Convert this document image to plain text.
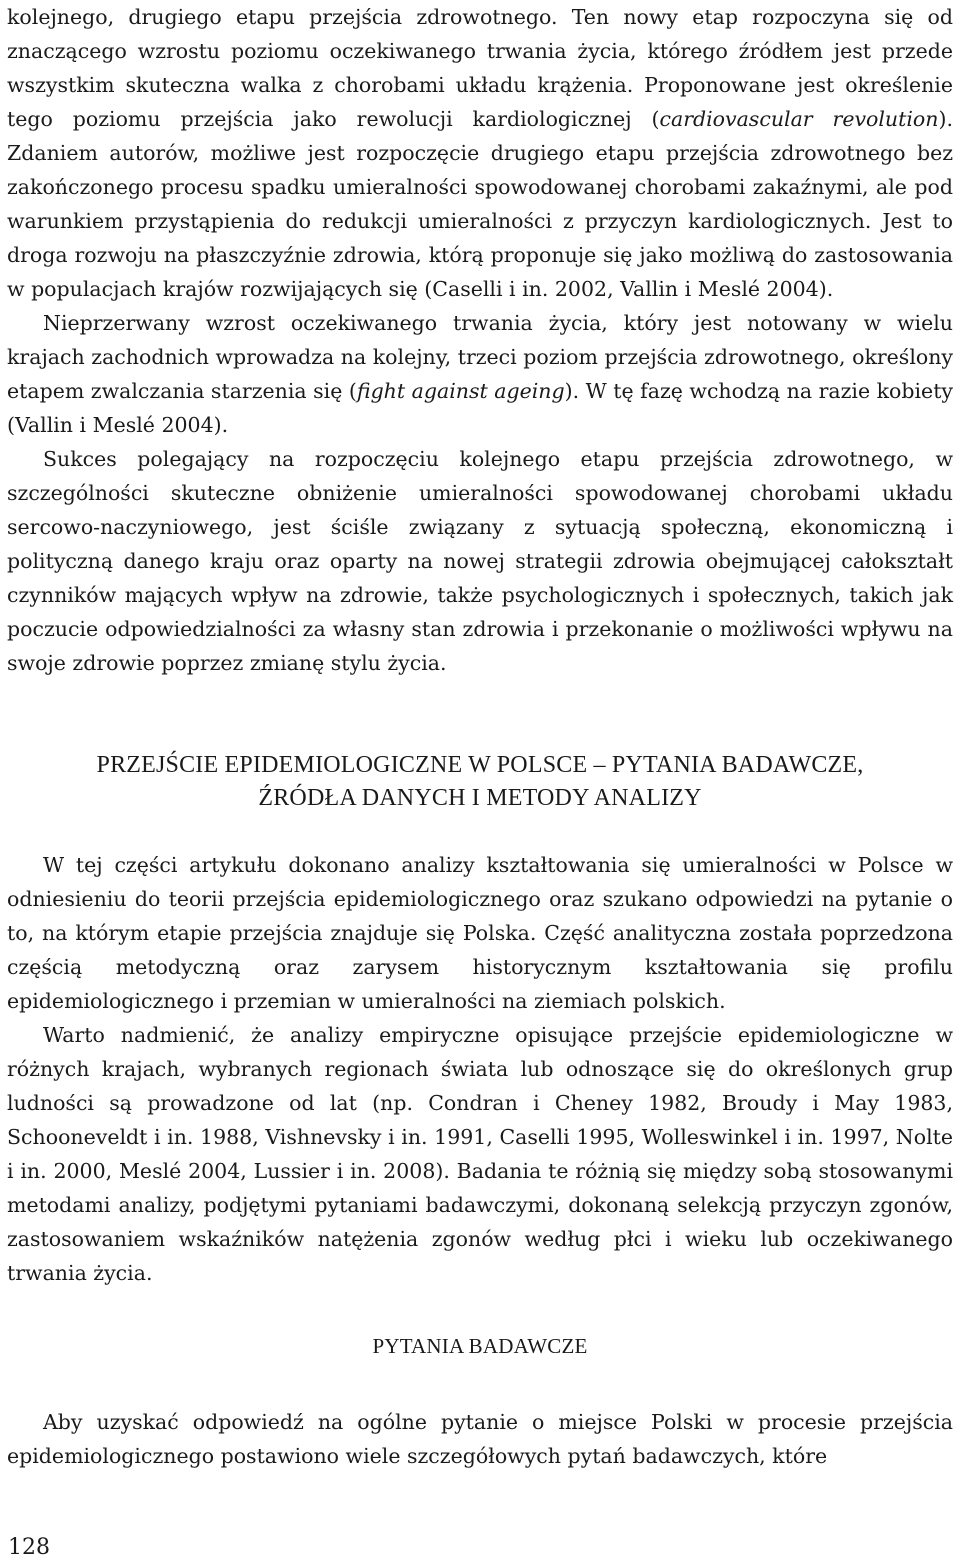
kolejnego, drugiego etapu przejścia zdrowotnego. Ten nowy etap rozpoczyna się od znaczącego wzrostu poziomu oczekiwanego trwania życia, którego źródłem jest przede wszystkim skuteczna walka z chorobami układu krążenia. Proponowane jest określenie tego poziomu przejścia jako rewolucji kardiologicznej (cardiovascular revolution). Zdaniem autorów, możliwe jest rozpoczęcie drugiego etapu przejścia zdrowotnego bez zakończonego procesu spadku umieralności spowodowanej chorobami zakaźnymi, ale pod warunkiem przystąpienia do redukcji umieralności z przyczyn kardiologicznych. Jest to droga rozwoju na płaszczyźnie zdrowia, którą proponuje się jako możliwą do zastosowania w populacjach krajów rozwijających się (Caselli i in. 2002, Vallin i Meslé 2004).

Nieprzerwany wzrost oczekiwanego trwania życia, który jest notowany w wielu krajach zachodnich wprowadza na kolejny, trzeci poziom przejścia zdrowotnego, określony etapem zwalczania starzenia się (fight against ageing). W tę fazę wchodzą na razie kobiety (Vallin i Meslé 2004).

Sukces polegający na rozpoczęciu kolejnego etapu przejścia zdrowotnego, w szczególności skuteczne obniżenie umieralności spowodowanej chorobami układu sercowo-naczyniowego, jest ściśle związany z sytuacją społeczną, ekonomiczną i polityczną danego kraju oraz oparty na nowej strategii zdrowia obejmującej całokształt czynników mających wpływ na zdrowie, także psychologicznych i społecznych, takich jak poczucie odpowiedzialności za własny stan zdrowia i przekonanie o możliwości wpływu na swoje zdrowie poprzez zmianę stylu życia.

PRZEJŚCIE EPIDEMIOLOGICZNE W POLSCE – PYTANIA BADAWCZE,
ŹRÓDŁA DANYCH I METODY ANALIZY

W tej części artykułu dokonano analizy kształtowania się umieralności w Polsce w odniesieniu do teorii przejścia epidemiologicznego oraz szukano odpowiedzi na pytanie o to, na którym etapie przejścia znajduje się Polska. Część analityczna została poprzedzona częścią metodyczną oraz zarysem historycznym kształtowania się profilu epidemiologicznego i przemian w umieralności na ziemiach polskich.

Warto nadmienić, że analizy empiryczne opisujące przejście epidemiologiczne w różnych krajach, wybranych regionach świata lub odnoszące się do określonych grup ludności są prowadzone od lat (np. Condran i Cheney 1982, Broudy i May 1983, Schooneveldt i in. 1988, Vishnevsky i in. 1991, Caselli 1995, Wolleswinkel i in. 1997, Nolte i in. 2000, Meslé 2004, Lussier i in. 2008). Badania te różnią się między sobą stosowanymi metodami analizy, podjętymi pytaniami badawczymi, dokonaną selekcją przyczyn zgonów, zastosowaniem wskaźników natężenia zgonów według płci i wieku lub oczekiwanego trwania życia.

PYTANIA BADAWCZE

Aby uzyskać odpowiedź na ogólne pytanie o miejsce Polski w procesie przejścia epidemiologicznego postawiono wiele szczegółowych pytań badawczych, które

128
